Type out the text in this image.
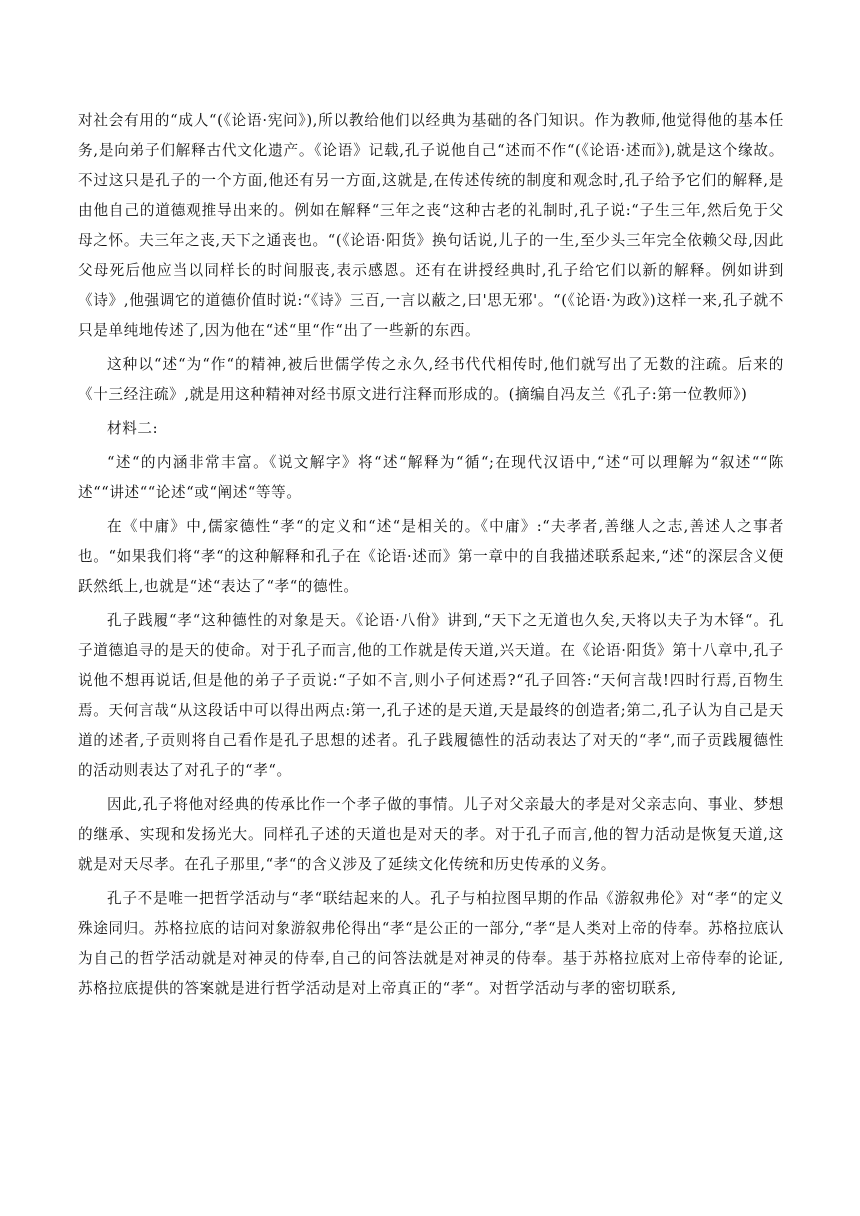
对社会有用的“成人“(《论语·宪问》),所以教给他们以经典为基础的各门知识。作为教师,他觉得他的基本任务,是向弟子们解释古代文化遗产。《论语》记载,孔子说他自己“述而不作“(《论语·述而》),就是这个缘故。不过这只是孔子的一个方面,他还有另一方面,这就是,在传述传统的制度和观念时,孔子给予它们的解释,是由他自己的道德观推导出来的。例如在解释“三年之丧“这种古老的礼制时,孔子说:“子生三年,然后免于父母之怀。夫三年之丧,天下之通丧也。“(《论语·阳货》换句话说,儿子的一生,至少头三年完全依赖父母,因此父母死后他应当以同样长的时间服丧,表示感恩。还有在讲授经典时,孔子给它们以新的解释。例如讲到《诗》,他强调它的道德价值时说:“《诗》三百,一言以蔽之,曰'思无邪'。“(《论语·为政》)这样一来,孔子就不只是单纯地传述了,因为他在“述“里“作“出了一些新的东西。

这种以“述“为“作“的精神,被后世儒学传之永久,经书代代相传时,他们就写出了无数的注疏。后来的《十三经注疏》,就是用这种精神对经书原文进行注释而形成的。(摘编自冯友兰《孔子:第一位教师》)

材料二:

“述“的内涵非常丰富。《说文解字》将“述“解释为“循“;在现代汉语中,“述“可以理解为“叙述““陈述““讲述““论述“或“阐述“等等。

在《中庸》中,儒家德性“孝“的定义和“述“是相关的。《中庸》:“夫孝者,善继人之志,善述人之事者也。“如果我们将“孝“的这种解释和孔子在《论语·述而》第一章中的自我描述联系起来,“述“的深层含义便跃然纸上,也就是“述“表达了“孝“的德性。

孔子践履“孝“这种德性的对象是天。《论语·八佾》讲到,“天下之无道也久矣,天将以夫子为木铎“。孔子道德追寻的是天的使命。对于孔子而言,他的工作就是传天道,兴天道。在《论语·阳货》第十八章中,孔子说他不想再说话,但是他的弟子子贡说:“子如不言,则小子何述焉?“孔子回答:“天何言哉!四时行焉,百物生焉。天何言哉“从这段话中可以得出两点:第一,孔子述的是天道,天是最终的创造者;第二,孔子认为自己是天道的述者,子贡则将自己看作是孔子思想的述者。孔子践履德性的活动表达了对天的“孝“,而子贡践履德性的活动则表达了对孔子的“孝“。

因此,孔子将他对经典的传承比作一个孝子做的事情。儿子对父亲最大的孝是对父亲志向、事业、梦想的继承、实现和发扬光大。同样孔子述的天道也是对天的孝。对于孔子而言,他的智力活动是恢复天道,这就是对天尽孝。在孔子那里,“孝“的含义涉及了延续文化传统和历史传承的义务。

孔子不是唯一把哲学活动与“孝“联结起来的人。孔子与柏拉图早期的作品《游叙弗伦》对“孝“的定义殊途同归。苏格拉底的诘问对象游叙弗伦得出“孝“是公正的一部分,“孝“是人类对上帝的侍奉。苏格拉底认为自己的哲学活动就是对神灵的侍奉,自己的问答法就是对神灵的侍奉。基于苏格拉底对上帝侍奉的论证,苏格拉底提供的答案就是进行哲学活动是对上帝真正的“孝“。对哲学活动与孝的密切联系,
